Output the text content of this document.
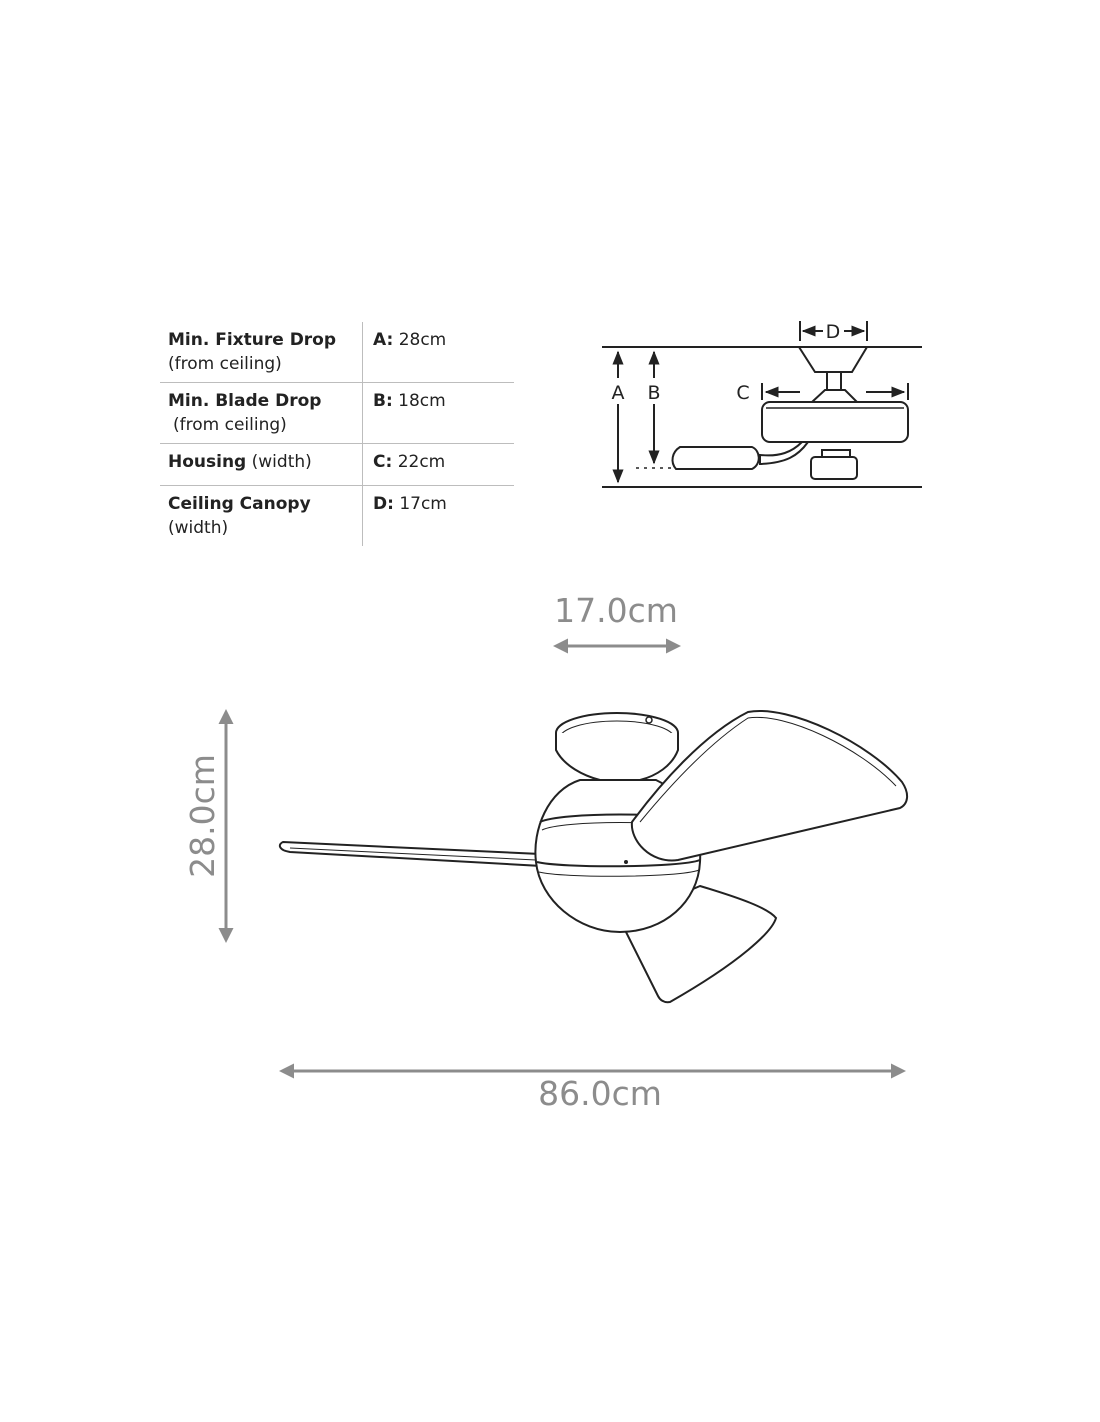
Min. Fixture Drop
(from ceiling)	A: 28cm
Min. Blade Drop
(from ceiling)	B: 18cm
Housing (width)	C: 22cm
Ceiling Canopy
(width)	D: 17cm
D
C
A B
17.0cm
28.0cm
86.0cm
